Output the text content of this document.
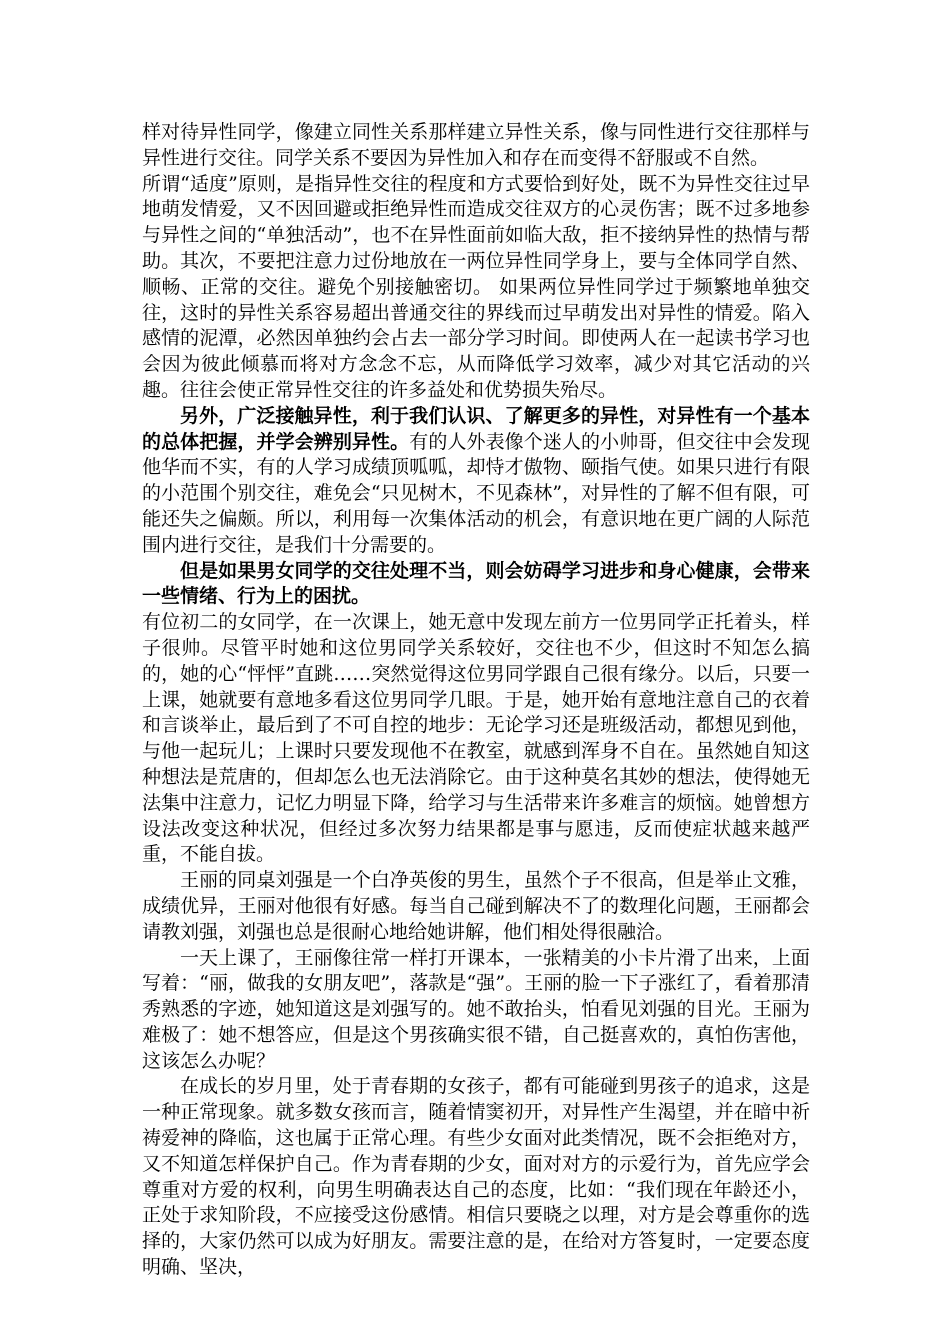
样对待异性同学，像建立同性关系那样建立异性关系，像与同性进行交往那样与异性进行交往。同学关系不要因为异性加入和存在而变得不舒服或不自然。

所谓“适度”原则，是指异性交往的程度和方式要恰到好处，既不为异性交往过早地萌发情爱，又不因回避或拒绝异性而造成交往双方的心灵伤害；既不过多地参与异性之间的“单独活动”，也不在异性面前如临大敌，拒不接纳异性的热情与帮助。其次，不要把注意力过份地放在一两位异性同学身上，要与全体同学自然、顺畅、正常的交往。避免个别接触密切。 如果两位异性同学过于频繁地单独交往，这时的异性关系容易超出普通交往的界线而过早萌发出对异性的情爱。陷入感情的泥潭，必然因单独约会占去一部分学习时间。即使两人在一起读书学习也会因为彼此倾慕而将对方念念不忘，从而降低学习效率，减少对其它活动的兴趣。往往会使正常异性交往的许多益处和优势损失殆尽。

另外，广泛接触异性，利于我们认识、了解更多的异性，对异性有一个基本的总体把握，并学会辨别异性。有的人外表像个迷人的小帅哥，但交往中会发现他华而不实，有的人学习成绩顶呱呱，却恃才傲物、颐指气使。如果只进行有限的小范围个别交往，难免会“只见树木，不见森林”，对异性的了解不但有限，可能还失之偏颇。所以，利用每一次集体活动的机会，有意识地在更广阔的人际范围内进行交往，是我们十分需要的。

但是如果男女同学的交往处理不当，则会妨碍学习进步和身心健康，会带来一些情绪、行为上的困扰。

有位初二的女同学，在一次课上，她无意中发现左前方一位男同学正托着头，样子很帅。尽管平时她和这位男同学关系较好，交往也不少，但这时不知怎么搞的，她的心“怦怦”直跳……突然觉得这位男同学跟自己很有缘分。以后，只要一上课，她就要有意地多看这位男同学几眼。于是，她开始有意地注意自己的衣着和言谈举止，最后到了不可自控的地步：无论学习还是班级活动，都想见到他，与他一起玩儿；上课时只要发现他不在教室，就感到浑身不自在。虽然她自知这种想法是荒唐的，但却怎么也无法消除它。由于这种莫名其妙的想法，使得她无法集中注意力，记忆力明显下降，给学习与生活带来许多难言的烦恼。她曾想方设法改变这种状况，但经过多次努力结果都是事与愿违，反而使症状越来越严重，不能自拔。

王丽的同桌刘强是一个白净英俊的男生，虽然个子不很高，但是举止文雅，成绩优异，王丽对他很有好感。每当自己碰到解决不了的数理化问题，王丽都会请教刘强，刘强也总是很耐心地给她讲解，他们相处得很融洽。

一天上课了，王丽像往常一样打开课本，一张精美的小卡片滑了出来，上面写着：“丽，做我的女朋友吧”，落款是“强”。王丽的脸一下子涨红了，看着那清秀熟悉的字迹，她知道这是刘强写的。她不敢抬头，怕看见刘强的目光。王丽为难极了：她不想答应，但是这个男孩确实很不错，自己挺喜欢的，真怕伤害他，这该怎么办呢？

在成长的岁月里，处于青春期的女孩子，都有可能碰到男孩子的追求，这是一种正常现象。就多数女孩而言，随着情窦初开，对异性产生渴望，并在暗中祈祷爱神的降临，这也属于正常心理。有些少女面对此类情况，既不会拒绝对方，又不知道怎样保护自己。作为青春期的少女，面对对方的示爱行为，首先应学会尊重对方爱的权利，向男生明确表达自己的态度，比如：“我们现在年龄还小，正处于求知阶段，不应接受这份感情。相信只要晓之以理，对方是会尊重你的选择的，大家仍然可以成为好朋友。需要注意的是，在给对方答复时，一定要态度明确、坚决，
